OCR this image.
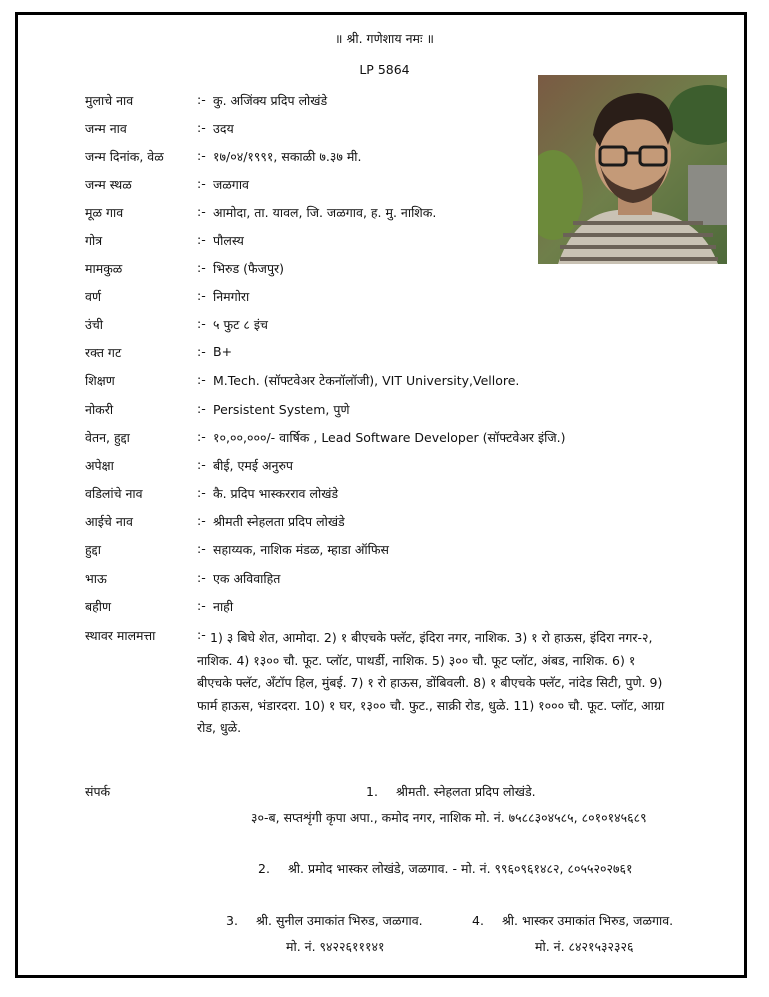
॥ श्री. गणेशाय नमः ॥
LP 5864
मुलाचे नाव	:- कु. अजिंक्य प्रदिप लोखंडे
जन्म नाव	:- उदय
जन्म दिनांक, वेळ	:- १७/०४/१९९१, सकाळी ७.३७ मी.
जन्म स्थळ	:- जळगाव
मूळ गाव	:- आमोदा, ता. यावल, जि. जळगाव, ह. मु. नाशिक.
गोत्र	:- पौलस्य
मामकुळ	:- भिरुड (फैजपुर)
वर्ण	:- निमगोरा
उंची	:- ५ फुट ८ इंच
रक्त गट	:- B+
शिक्षण	:- M.Tech. (सॉफ्टवेअर टेकनॉलॉजी), VIT University,Vellore.
नोकरी	:- Persistent System, पुणे
वेतन, हुद्दा	:- १०,००,०००/- वार्षिक , Lead Software Developer (सॉफ्टवेअर इंजि.)
अपेक्षा	:- बीई, एमई अनुरुप
वडिलांचे नाव	:- कै. प्रदिप भास्करराव लोखंडे
आईचे नाव	:- श्रीमती स्नेहलता प्रदिप लोखंडे
हुद्दा	:- सहाय्यक, नाशिक मंडळ, म्हाडा ऑफिस
भाऊ	:- एक अविवाहित
बहीण	:- नाही
स्थावर मालमत्ता	:- 1) ३ बिघे शेत, आमोदा. 2) १ बीएचके फ्लॅट, इंदिरा नगर, नाशिक. 3) १ रो हाऊस, इंदिरा नगर-२, नाशिक. 4) १३०० चौ. फूट. प्लॉट, पाथर्डी, नाशिक. 5) ३०० चौ. फूट प्लॉट, अंबड, नाशिक. 6) १ बीएचके फ्लॅट, अँटॉप हिल, मुंबई. 7) १ रो हाऊस, डोंबिवली. 8) १ बीएचके फ्लॅट, नांदेड सिटी, पुणे. 9) फार्म हाऊस, भंडारदरा. 10) १ घर, १३०० चौ. फुट., साक्री रोड, धुळे. 11) १००० चौ. फूट. प्लॉट, आग्रा रोड, धुळे.
संपर्क	1. श्रीमती. स्नेहलता प्रदिप लोखंडे.
३०-ब, सप्तशृंगी कृपा अपा., कमोद नगर, नाशिक मो. नं. ७५८८३०४५८५, ८०१०१४५६८९
2. श्री. प्रमोद भास्कर लोखंडे, जळगाव. - मो. नं. ९९६०९६१४८२, ८०५५२०२७६१
3. श्री. सुनील उमाकांत भिरुड, जळगाव.
मो. नं. ९४२२६१११४१
4. श्री. भास्कर उमाकांत भिरुड, जळगाव.
मो. नं. ८४२१५३२३२६
